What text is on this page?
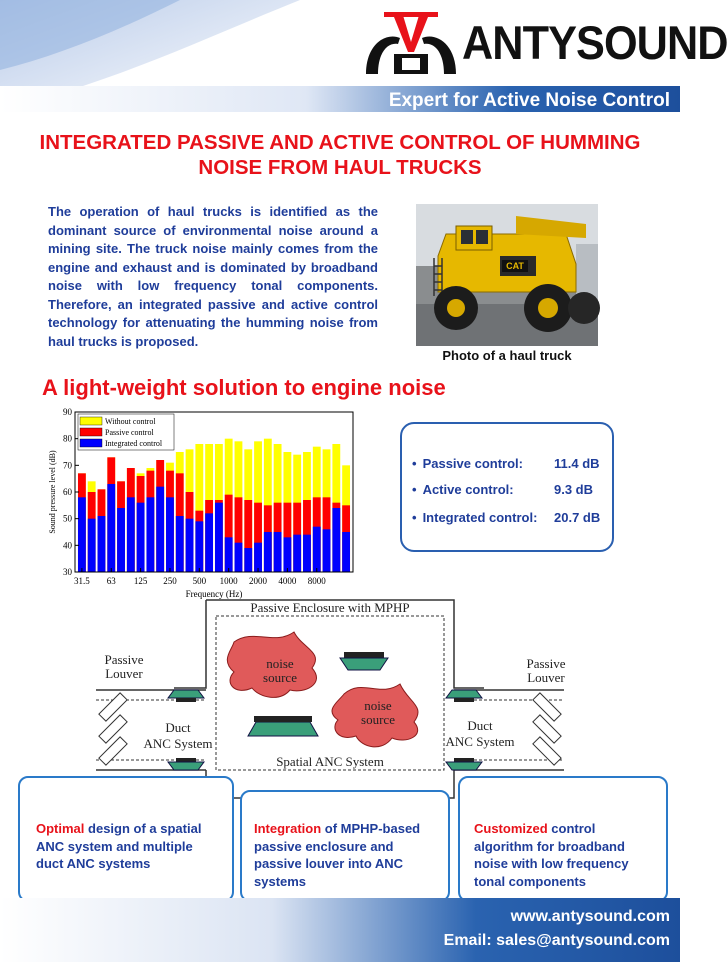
ANTYSOUND
Expert for Active Noise Control
INTEGRATED PASSIVE AND ACTIVE CONTROL OF HUMMING NOISE FROM HAUL TRUCKS
The operation of haul trucks is identified as the dominant source of environmental noise around a mining site. The truck noise mainly comes from the engine and exhaust and is dominated by broadband noise with low frequency tonal components. Therefore, an integrated passive and active control technology for attenuating the humming noise from haul trucks is proposed.
CAT
Photo of a haul truck
A light-weight solution to engine noise
30
40
50
60
70
80
90
31.5 63 125 250 500 1000 2000 4000 8000
Frequency (Hz)
Sound pressure level (dB)
Without control
Passive control
Integrated control
• Passive control: 11.4 dB
• Active control:	9.3 dB
• Integrated control: 20.7 dB
Passive Enclosure with MPHP
Passive
Louver
Passive
Louver
Duct
ANC System
Duct
ANC System
noise
source
noise
source
Spatial ANC System
Optimal design of a spatial ANC system and multiple duct ANC systems
Integration of MPHP-based passive enclosure and passive louver into ANC systems
Customized control algorithm for broadband noise with low frequency tonal components
www.antysound.com
Email: sales@antysound.com
